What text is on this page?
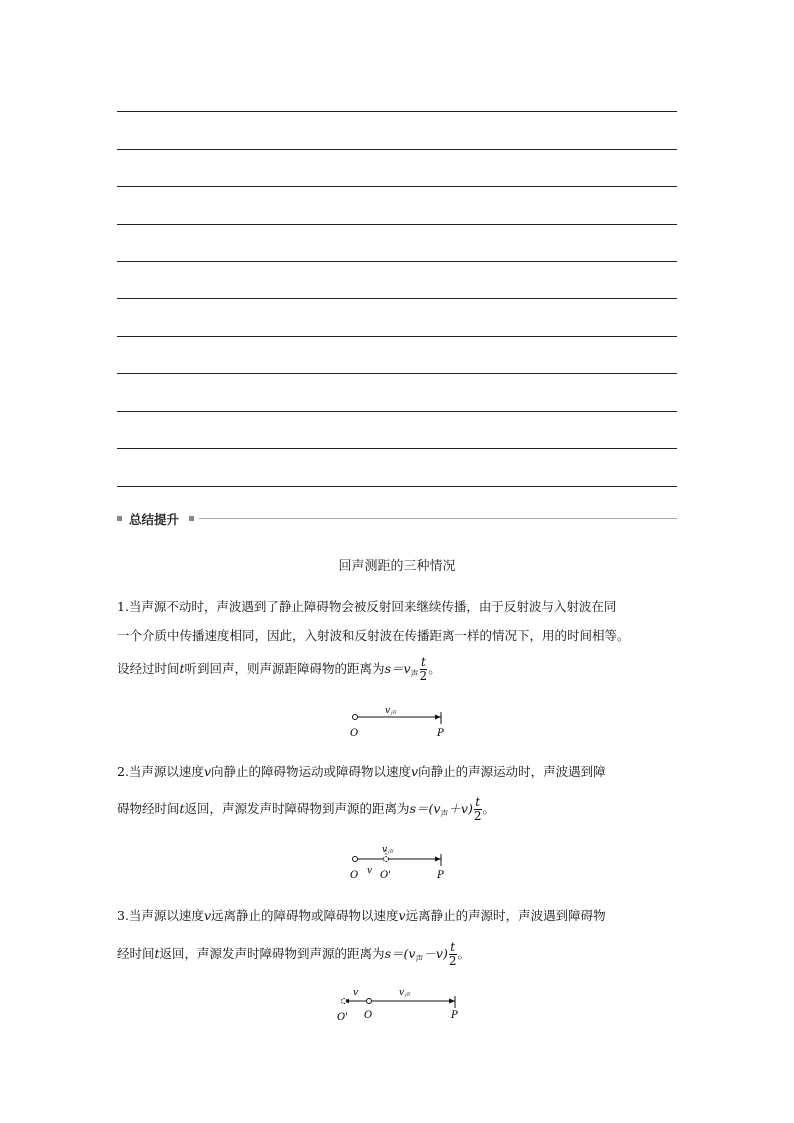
总结提升
回声测距的三种情况
1.当声源不动时，声波遇到了静止障碍物会被反射回来继续传播，由于反射波与入射波在同
一个介质中传播速度相同，因此，入射波和反射波在传播距离一样的情况下，用的时间相等。
设经过时间t听到回声，则声源距障碍物的距离为$s=v_声 \frac{t}{2}$ 。
v 声
O	P
2.当声源以速度v向静止的障碍物运动或障碍物以速度v向静止的声源运动时，声波遇到障
碍物经时间t返回，声源发声时障碍物到声源的距离为$s=(v_声+v) \frac{t}{2}$ 。
v 声
v
O O'	P
3.当声源以速度v远离静止的障碍物或障碍物以速度v远离静止的声源时，声波遇到障碍物
经时间t返回，声源发声时障碍物到声源的距离为$s=(v_声-v) \frac{t}{2}$ 。
v	v 声
O' O	P
